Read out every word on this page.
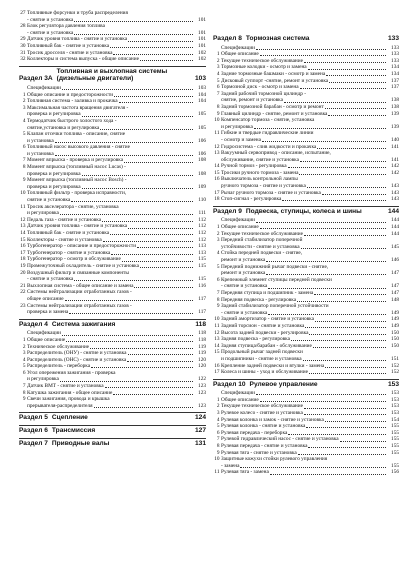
27 Топливные форсунки и труба распределения
- снятие и установка	101
28 Блок регулятора давления топлива
- снятие и установка	101
29 Датчик уровня топлива - снятие и установка	101
30 Топливный бак - снятие и установка	101
31 Тросик дросселя - снятие и установка	102
32 Коллекторы и система выпуска - общие описание	102
Раздел 3А
Топливная и выхлопная системы
(дизельные двигатели)	103
Спецификации	103
1 Общие описание и предосторожности	104
2 Топливная система - заливка и прокачка	104
3 Максимальная частота вращения двигателя -
проверка и регулировка	105
4 Термодатчик быстрого холостого хода -
снятие,установка и регулировка	105
5 Клапан отсечки топлива - описание, снятие
и установка	106
6 Топливный насос высокого давления - снятие
и установка	106
7 Момент впрыска - проверка и регулировка	108
8 Момент впрыска (топливный насос Lucas) -
проверка и регулировка	108
9 Момент впрыска (топливный насос Bosch) -
проверка и регулировка	109
10 Топливный фильтр - проверка исправности,
снятие и установка	110
11 Тросик акселератора - снятие, установка
и регулировка	111
12 Педаль газа - снятие и установка	112
13 Датчик уровня топлива - снятие и установка	112
14 Топливный бак - снятие и установка	112
15 Коллекторы - снятие и установка	112
16 Турбогенератор - описание и предосторожности	113
17 Турбогенератор - снятие и установка	113
18 Турбогенератор - осмотр и обслуживание	115
19 Промежуточный охладитель - снятие и установка	115
20 Воздушный фильтр и связанные компоненты
- снятие и установка	115
21 Выхлопная система - общее описание и замена	116
22 Системы нейтрализации отработанных газов -
общее описание	117
23 Системы нейтрализации отработанных газов -
проверка и замена	117
Раздел 4 Система зажигания	118
Спецификации	118
1 Общие описание	118
2 Техническое обслуживание	119
3 Распределитель (ОНУ) - снятие и установка	119
4 Распределитель (ОНС) - снятие и установка	120
5 Распределитель - переборка	120
6 Угол опережения зажигания - проверка
и регулировка	122
7 Датчик ВМТ - снятие и установка	123
8 Катушка зажигания - общее описание	123
9 Свечи зажигания, провода и крышка
прерывателя-распределителя	123
Раздел 5 Сцепление	124
Раздел 6 Трансмиссия	127
Раздел 7 Приводные валы	131
Раздел 8 Тормозная система	133
Спецификации	133
1 Общее описание	133
2 Текущее техническое обслуживание	133
3 Тормозные колодки - осмотр и замена	134
4 Задние тормозные башмаки - осмотр и замена	134
5 Дисковый суппорт -снятие, ремонт и установка	137
6 Тормозной диск - осмотр и замена	137
7 Задний рабочий тормозной цилиндр -
снятие, ремонт и установка	138
8 Задний тормозной барабан - осмотр и ремонт	138
9 Главный цилиндр - снятие, ремонт и установка	139
10 Компенсатор тормоза - снятие, установка
и регулировка	139
11 Гибкие и твердые гидравлические линии
- осмотр и замена	140
12 Гидросистема - слив жидкости и прокачка	141
13 Вакуумный сервопривод - описание, испытание,
обслуживание, снятие и установка	141
14 Ручной тормоз - регулировка	142
15 Тросики ручного тормоза - замена	142
16 Выключатель контрольной лампы
ручного тормоза - снятие и установка	143
17 Рычаг ручного тормоза - снятие и установка	143
18 Стоп-сигнал - регулировка	143
Раздел 9 Подвеска, ступицы, колеса и шины	144
Спецификации	144
1 Общее описание	144
2 Текущее техническое обслуживание	144
3 Передний стабилизатор поперечной
устойчивости - снятие и установка	145
4 Стойка передней подвески - снятие,
ремонт и установка	146
5 Передний поднижний рычаг подвески - снятие,
ремонт и установка	147
6 Крепежный элемент ступицы передней подвески
- снятие и установка	147
7 Передняя ступица и подшипник - замена	147
8 Передняя подвеска - регулировка	148
9 Задний стабилизатор поперечной устойчивости
- снятие и установка	149
10 Задний амортизатор - снятие и установка	149
11 Задний торсион - снятие и установка	149
12 Высота задней подвески - регулировка	150
13 Задняя подвеска - регулировка	150
14 Задняя ступица/барабан - обслуживание	150
15 Продольный рычаг задней подвески
и подшипники - снятие и установка	151
16 Крепление задней подвески и втулки - замена	152
17 Колеса и шины - уход и обслуживание	152
Раздел 10 Рулевое управление	153
Спецификации	153
1 Общее описание	153
2 Текущее техническое обслуживание	153
3 Рулевое колесо - снятие и установка	153
4 Рулевая колонка и замок - снятие и установка	154
5 Рулевая колонка - снятие и установка	155
6 Рулевая передача - переборка	155
7 Рулевой гидравлический насос - снятие и установка	155
8 Рулевая передача - снятие и установка	155
9 Рулевая тяга - снятие и установка	155
10 Защитные кожухи стойки рулевого управления
- замена	155
11 Рулевая тяга - замена	156
